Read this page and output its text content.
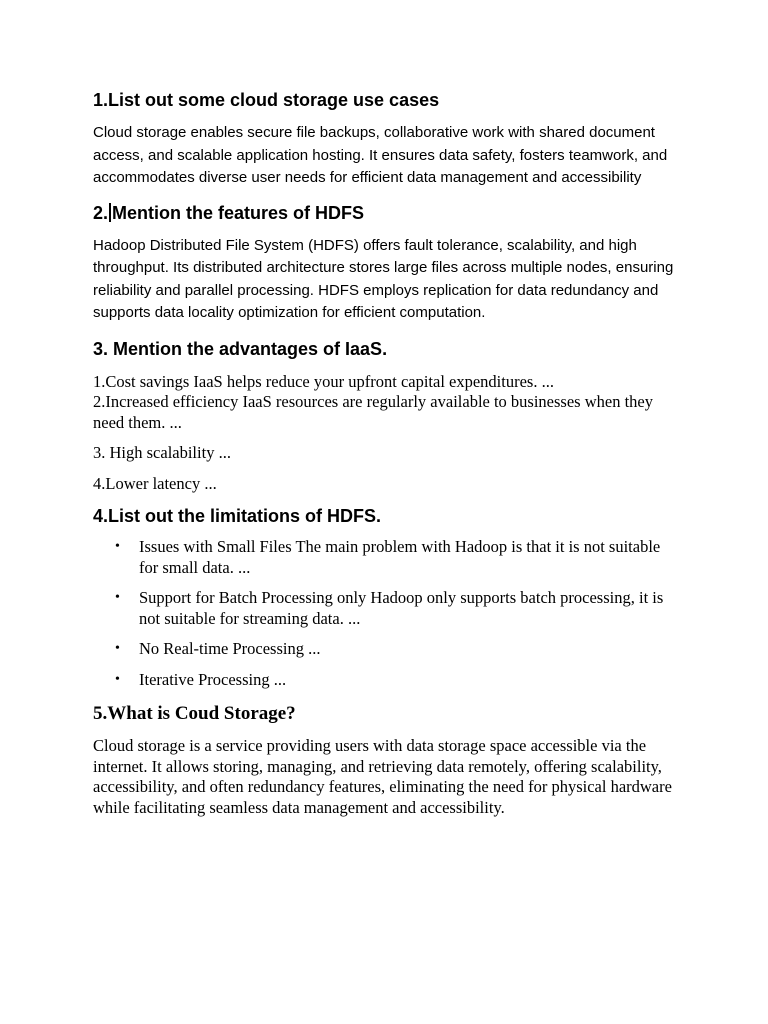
1.List out some cloud storage use cases

Cloud storage enables secure file backups, collaborative work with shared document access, and scalable application hosting. It ensures data safety, fosters teamwork, and accommodates diverse user needs for efficient data management and accessibility

2. Mention the features of HDFS

Hadoop Distributed File System (HDFS) offers fault tolerance, scalability, and high throughput. Its distributed architecture stores large files across multiple nodes, ensuring reliability and parallel processing. HDFS employs replication for data redundancy and supports data locality optimization for efficient computation.

3. Mention the advantages of IaaS.

1.Cost savings IaaS helps reduce your upfront capital expenditures. ...

2.Increased efficiency IaaS resources are regularly available to businesses when they need them. ...

3. High scalability ...

4.Lower latency ...

4.List out the limitations of HDFS.
• Issues with Small Files The main problem with Hadoop is that it is not suitable for small data. ...
• Support for Batch Processing only Hadoop only supports batch processing, it is not suitable for streaming data. ...
• No Real-time Processing ...
• Iterative Processing ...
5.What is Coud Storage?

Cloud storage is a service providing users with data storage space accessible via the internet. It allows storing, managing, and retrieving data remotely, offering scalability, accessibility, and often redundancy features, eliminating the need for physical hardware while facilitating seamless data management and accessibility.
